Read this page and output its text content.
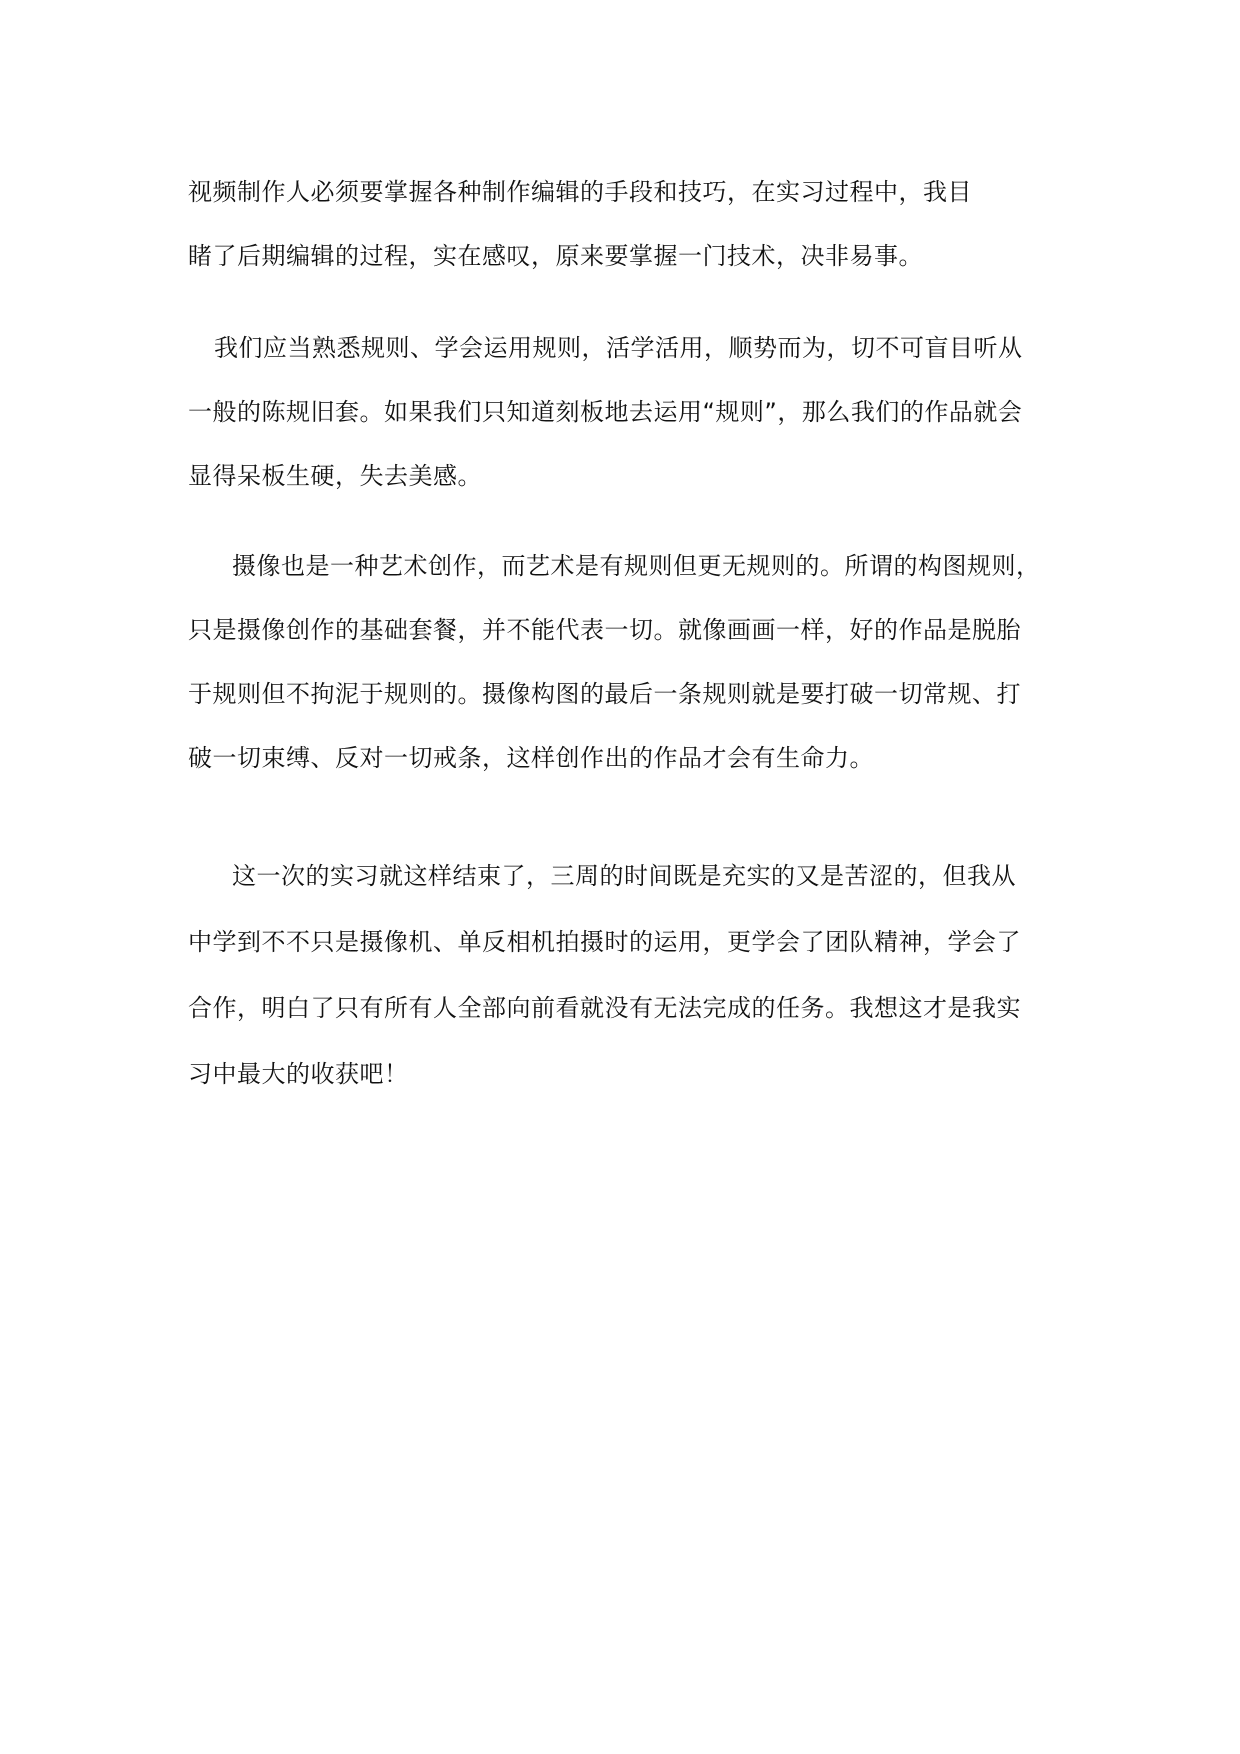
视频制作人必须要掌握各种制作编辑的手段和技巧，在实习过程中，我目
睹了后期编辑的过程，实在感叹，原来要掌握一门技术，决非易事。
我们应当熟悉规则、学会运用规则，活学活用，顺势而为，切不可盲目听从
一般的陈规旧套。如果我们只知道刻板地去运用“规则”，那么我们的作品就会
显得呆板生硬，失去美感。
摄像也是一种艺术创作，而艺术是有规则但更无规则的。所谓的构图规则，
只是摄像创作的基础套餐，并不能代表一切。就像画画一样，好的作品是脱胎
于规则但不拘泥于规则的。摄像构图的最后一条规则就是要打破一切常规、打
破一切束缚、反对一切戒条，这样创作出的作品才会有生命力。
这一次的实习就这样结束了，三周的时间既是充实的又是苦涩的，但我从
中学到不不只是摄像机、单反相机拍摄时的运用，更学会了团队精神，学会了
合作，明白了只有所有人全部向前看就没有无法完成的任务。我想这才是我实
习中最大的收获吧！
